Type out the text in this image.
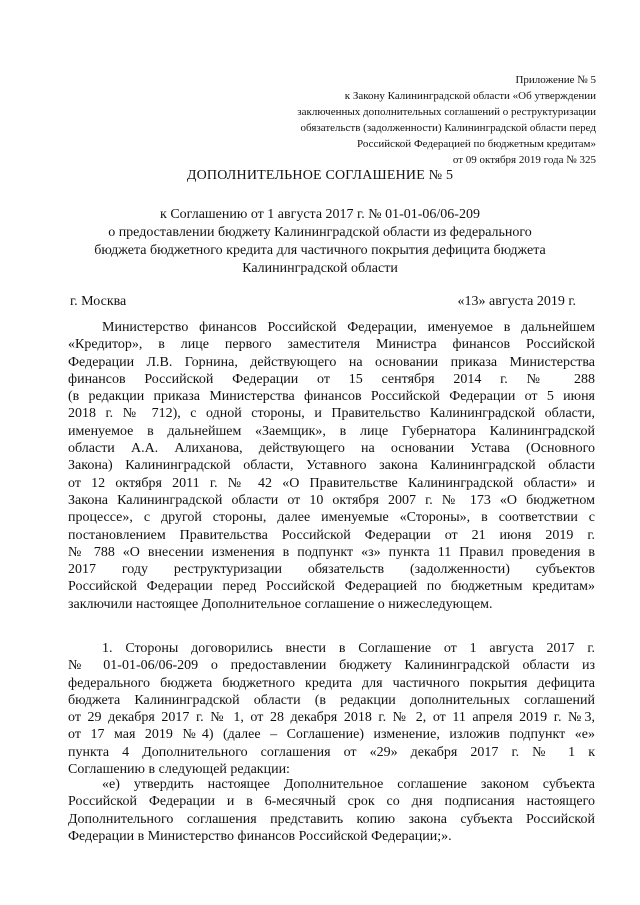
Приложение № 5
к Закону Калининградской области «Об утверждении
заключенных дополнительных соглашений о реструктуризации
обязательств (задолженности) Калининградской области перед
Российской Федерацией по бюджетным кредитам»
от 09 октября 2019 года № 325
ДОПОЛНИТЕЛЬНОЕ СОГЛАШЕНИЕ № 5
к Соглашению от 1 августа 2017 г. № 01-01-06/06-209
о предоставлении бюджету Калининградской области из федерального
бюджета бюджетного кредита для частичного покрытия дефицита бюджета
Калининградской области
г. Москва	«13» августа 2019 г.
Министерство финансов Российской Федерации, именуемое в дальнейшем
«Кредитор», в лице первого заместителя Министра финансов Российской
Федерации Л.В. Горнина, действующего на основании приказа Министерства
финансов Российской Федерации от 15 сентября 2014 г. № 288
(в редакции приказа Министерства финансов Российской Федерации от 5 июня
2018 г. № 712), с одной стороны, и Правительство Калининградской области,
именуемое в дальнейшем «Заемщик», в лице Губернатора Калининградской
области А.А. Алиханова, действующего на основании Устава (Основного
Закона) Калининградской области, Уставного закона Калининградской области
от 12 октября 2011 г. № 42 «О Правительстве Калининградской области» и
Закона Калининградской области от 10 октября 2007 г. № 173 «О бюджетном
процессе», с другой стороны, далее именуемые «Стороны», в соответствии с
постановлением Правительства Российской Федерации от 21 июня 2019 г.
№ 788 «О внесении изменения в подпункт «з» пункта 11 Правил проведения в
2017 году реструктуризации обязательств (задолженности) субъектов
Российской Федерации перед Российской Федерацией по бюджетным кредитам»
заключили настоящее Дополнительное соглашение о нижеследующем.
1. Стороны договорились внести в Соглашение от 1 августа 2017 г.
№ 01-01-06/06-209 о предоставлении бюджету Калининградской области из
федерального бюджета бюджетного кредита для частичного покрытия дефицита
бюджета Калининградской области (в редакции дополнительных соглашений
от 29 декабря 2017 г. № 1, от 28 декабря 2018 г. № 2, от 11 апреля 2019 г. №3,
от 17 мая 2019 №4) (далее – Соглашение) изменение, изложив подпункт «е»
пункта 4 Дополнительного соглашения от «29» декабря 2017 г. № 1 к
Соглашению в следующей редакции:
«е) утвердить настоящее Дополнительное соглашение законом субъекта
Российской Федерации и в 6-месячный срок со дня подписания настоящего
Дополнительного соглашения представить копию закона субъекта Российской
Федерации в Министерство финансов Российской Федерации;».
